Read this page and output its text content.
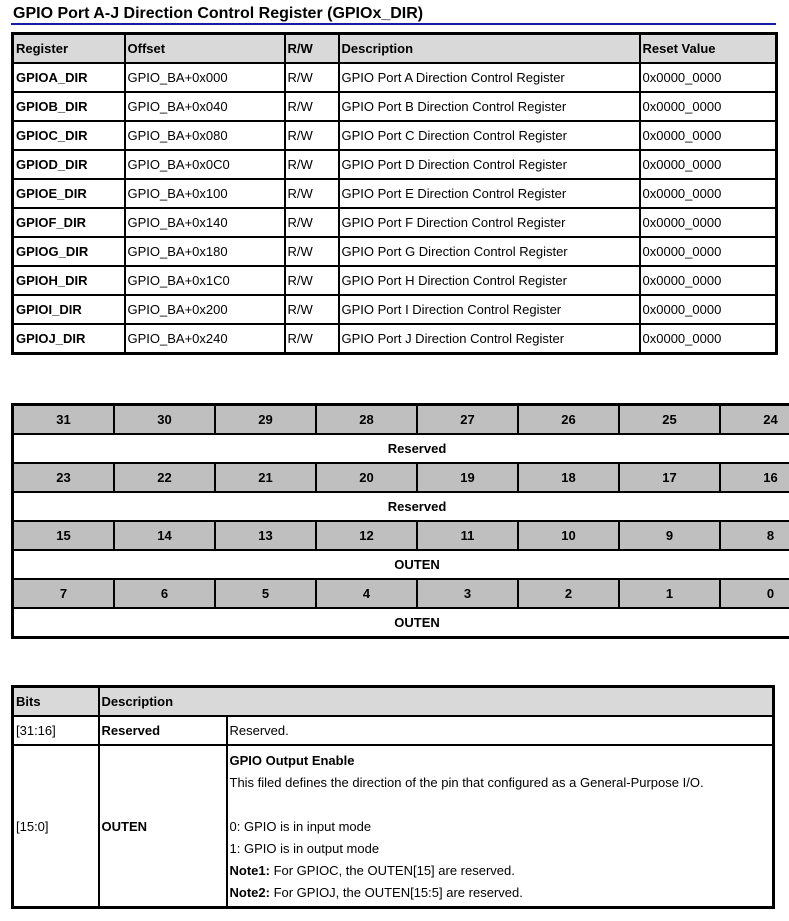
GPIO Port A-J Direction Control Register (GPIOx_DIR)
Register	Offset	R/W	Description	Reset Value
GPIOA_DIR	GPIO_BA+0x000	R/W	GPIO Port A Direction Control Register	0x0000_0000
GPIOB_DIR	GPIO_BA+0x040	R/W	GPIO Port B Direction Control Register	0x0000_0000
GPIOC_DIR	GPIO_BA+0x080	R/W	GPIO Port C Direction Control Register	0x0000_0000
GPIOD_DIR	GPIO_BA+0x0C0	R/W	GPIO Port D Direction Control Register	0x0000_0000
GPIOE_DIR	GPIO_BA+0x100	R/W	GPIO Port E Direction Control Register	0x0000_0000
GPIOF_DIR	GPIO_BA+0x140	R/W	GPIO Port F Direction Control Register	0x0000_0000
GPIOG_DIR	GPIO_BA+0x180	R/W	GPIO Port G Direction Control Register	0x0000_0000
GPIOH_DIR	GPIO_BA+0x1C0	R/W	GPIO Port H Direction Control Register	0x0000_0000
GPIOI_DIR	GPIO_BA+0x200	R/W	GPIO Port I Direction Control Register	0x0000_0000
GPIOJ_DIR	GPIO_BA+0x240	R/W	GPIO Port J Direction Control Register	0x0000_0000
31	30	29	28	27	26	25	24
Reserved							
23	22	21	20	19	18	17	16
Reserved							
15	14	13	12	11	10	9	8
OUTEN							
7	6	5	4	3	2	1	0
OUTEN							
Bits	Description	
[31:16]	Reserved	Reserved.
[15:0]	OUTEN	
GPIO Output Enable
This filed defines the direction of the pin that configured as a General-Purpose I/O.
0: GPIO is in input mode
1: GPIO is in output mode
Note1: For GPIOC, the OUTEN[15] are reserved.
Note2: For GPIOJ, the OUTEN[15:5] are reserved.
